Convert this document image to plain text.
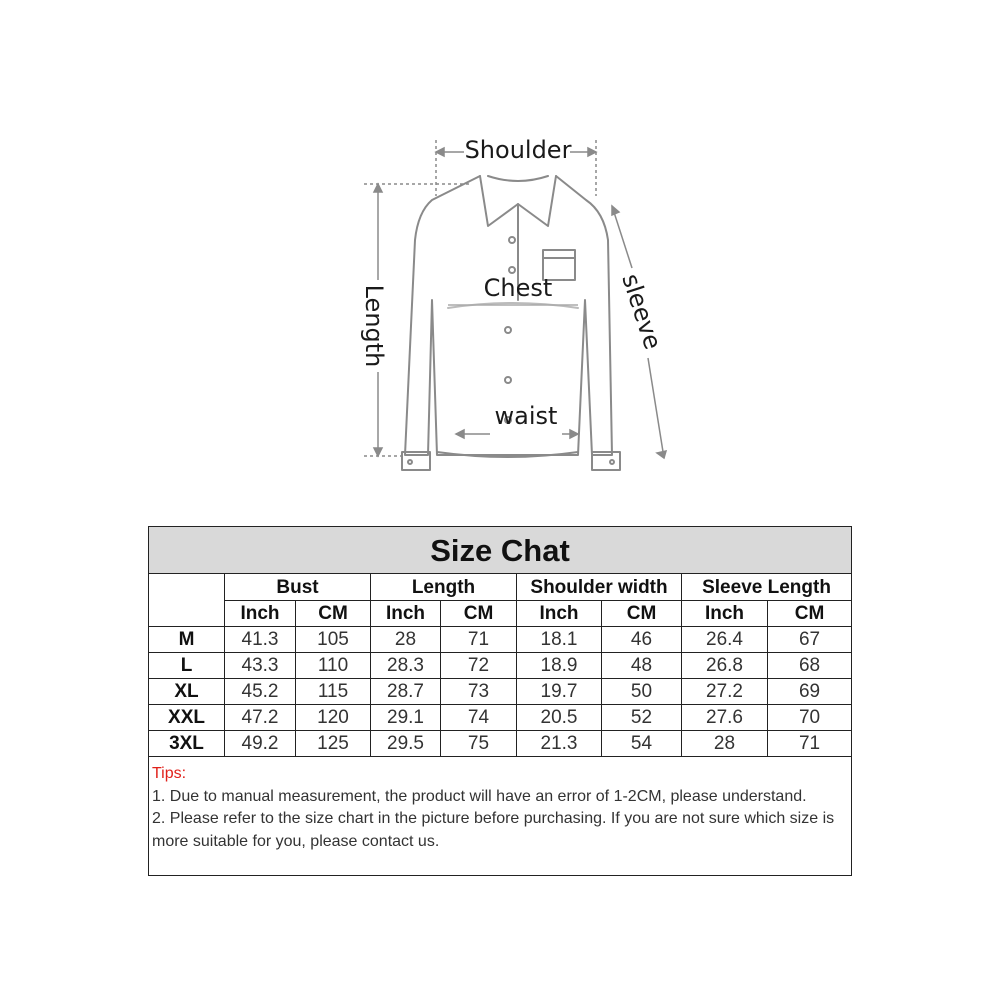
Shoulder
Chest
Length	sleeve
waist
Size Chat								
	Bust		Length		Shoulder width		Sleeve Length	
	Inch	CM	Inch	CM	Inch	CM	Inch	CM
M	41.3	105	28	71	18.1	46	26.4	67
L	43.3	110	28.3	72	18.9	48	26.8	68
XL	45.2	115	28.7	73	19.7	50	27.2	69
XXL	47.2	120	29.1	74	20.5	52	27.6	70
3XL	49.2	125	29.5	75	21.3	54	28	71

Tips:
1. Due to manual measurement, the product will have an error of 1-2CM, please understand.
2. Please refer to the size chart in the picture before purchasing. If you are not sure which size is more suitable for you, please contact us.								
